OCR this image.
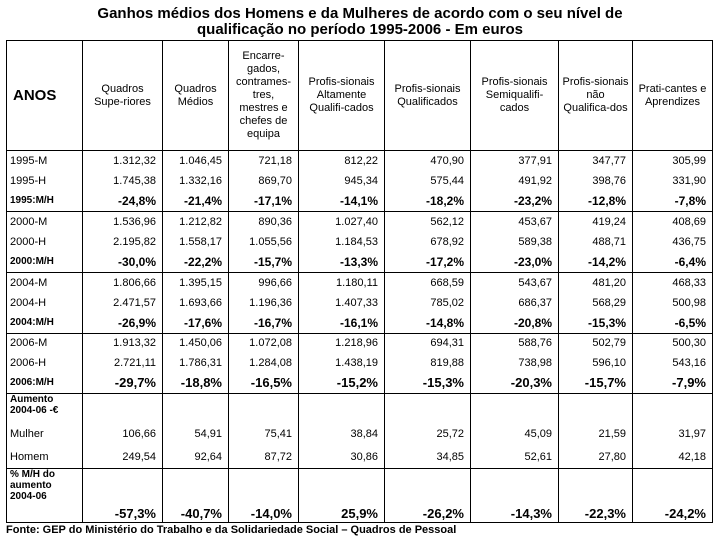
Ganhos médios dos Homens e da Mulheres de acordo com o seu nível de
qualificação no período 1995-2006 - Em euros
ANOS	Quadros Supe-riores	Quadros Médios	Encarre-gados, contrames-tres, mestres e chefes de equipa	Profis-sionais Altamente Qualifi-cados	Profis-sionais Qualificados	Profis-sionais Semiqualifi-cados	Profis-sionais não Qualifica-dos	Prati-cantes e Aprendizes
1995-M	1.312,32	1.046,45	721,18	812,22	470,90	377,91	347,77	305,99
1995-H	1.745,38	1.332,16	869,70	945,34	575,44	491,92	398,76	331,90
1995:M/H	-24,8%	-21,4%	-17,1%	-14,1%	-18,2%	-23,2%	-12,8%	-7,8%
2000-M	1.536,96	1.212,82	890,36	1.027,40	562,12	453,67	419,24	408,69
2000-H	2.195,82	1.558,17	1.055,56	1.184,53	678,92	589,38	488,71	436,75
2000:M/H	-30,0%	-22,2%	-15,7%	-13,3%	-17,2%	-23,0%	-14,2%	-6,4%
2004-M	1.806,66	1.395,15	996,66	1.180,11	668,59	543,67	481,20	468,33
2004-H	2.471,57	1.693,66	1.196,36	1.407,33	785,02	686,37	568,29	500,98
2004:M/H	-26,9%	-17,6%	-16,7%	-16,1%	-14,8%	-20,8%	-15,3%	-6,5%
2006-M	1.913,32	1.450,06	1.072,08	1.218,96	694,31	588,76	502,79	500,30
2006-H	2.721,11	1.786,31	1.284,08	1.438,19	819,88	738,98	596,10	543,16
2006:M/H	-29,7%	-18,8%	-16,5%	-15,2%	-15,3%	-20,3%	-15,7%	-7,9%
Aumento 2004-06 -€								
Mulher	106,66	54,91	75,41	38,84	25,72	45,09	21,59	31,97
Homem	249,54	92,64	87,72	30,86	34,85	52,61	27,80	42,18
% M/H do aumento 2004-06	-57,3%	-40,7%	-14,0%	25,9%	-26,2%	-14,3%	-22,3%	-24,2%
Fonte: GEP do Ministério do Trabalho e da Solidariedade Social – Quadros de Pessoal
